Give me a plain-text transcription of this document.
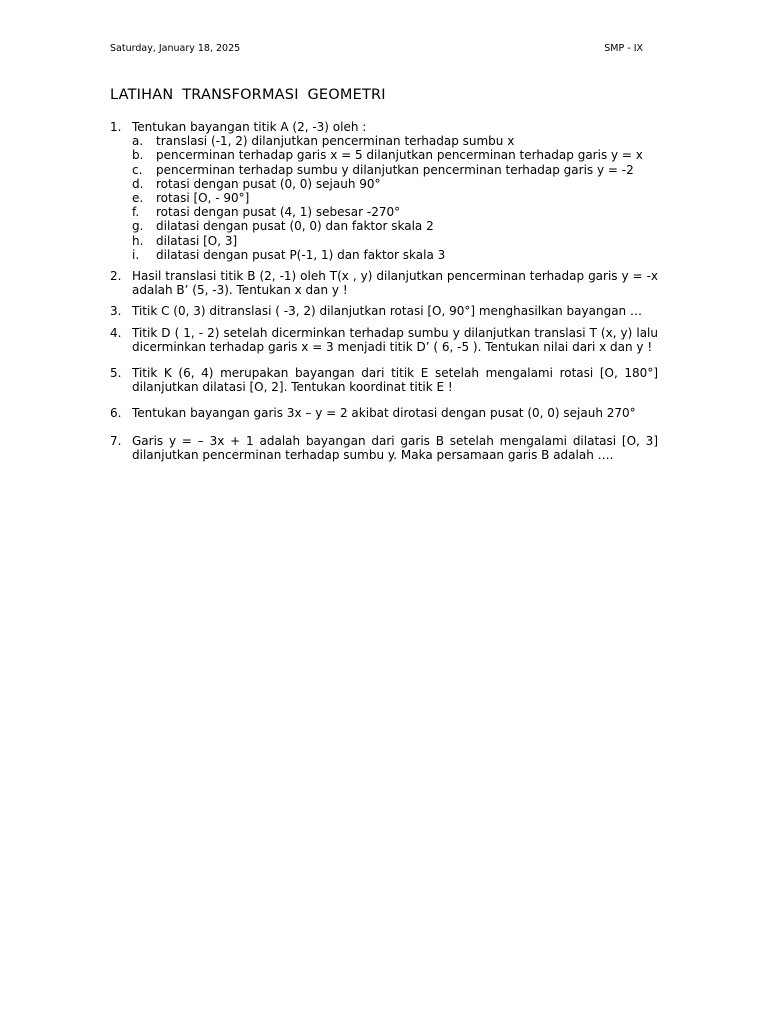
Saturday, January 18, 2025	SMP - IX
LATIHAN TRANSFORMASI GEOMETRI
1. Tentukan bayangan titik A (2, -3) oleh :
a. translasi (-1, 2) dilanjutkan pencerminan terhadap sumbu x
b. pencerminan terhadap garis x = 5 dilanjutkan pencerminan terhadap garis y = x
c. pencerminan terhadap sumbu y dilanjutkan pencerminan terhadap garis y = -2
d. rotasi dengan pusat (0, 0) sejauh 90°
e. rotasi [O, - 90°]
f. rotasi dengan pusat (4, 1) sebesar -270°
g. dilatasi dengan pusat (0, 0) dan faktor skala 2
h. dilatasi [O, 3]
i. dilatasi dengan pusat P(-1, 1) dan faktor skala 3
2. Hasil translasi titik B (2, -1) oleh T(x , y) dilanjutkan pencerminan terhadap garis y = -x adalah B’ (5, -3). Tentukan x dan y !
3. Titik C (0, 3) ditranslasi ( -3, 2) dilanjutkan rotasi [O, 90°] menghasilkan bayangan …
4. Titik D ( 1, - 2) setelah dicerminkan terhadap sumbu y dilanjutkan translasi T (x, y) lalu dicerminkan terhadap garis x = 3 menjadi titik D’ ( 6, -5 ). Tentukan nilai dari x dan y !
5. Titik K (6, 4) merupakan bayangan dari titik E setelah mengalami rotasi [O, 180°] dilanjutkan dilatasi [O, 2]. Tentukan koordinat titik E !
6. Tentukan bayangan garis 3x – y = 2 akibat dirotasi dengan pusat (0, 0) sejauh 270°
7. Garis y = – 3x + 1 adalah bayangan dari garis B setelah mengalami dilatasi [O, 3] dilanjutkan pencerminan terhadap sumbu y. Maka persamaan garis B adalah ….
